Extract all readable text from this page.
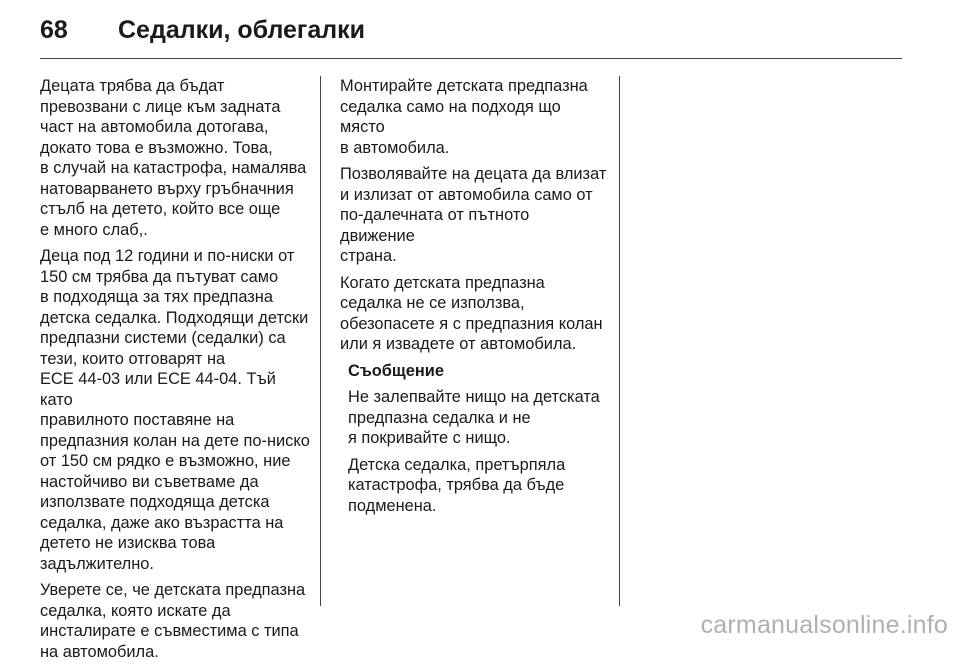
68 Седалки, облегалки

Децата трябва да бъдат
превозвани с лице към задната
част на автомобила дотогава,
докато това е възможно. Това,
в случай на катастрофа, намалява
натоварването върху гръбначния
стълб на детето, който все още
е много слаб,.

Деца под 12 години и по-ниски от
150 см трябва да пътуват само
в подходяща за тях предпазна
детска седалка. Подходящи детски
предпазни системи (седалки) са
тези, които отговарят на
ECE 44-03 или ECE 44-04. Тъй като
правилното поставяне на
предпазния колан на дете по-ниско
от 150 см рядко е възможно, ние
настойчиво ви съветваме да
използвате подходяща детска
седалка, даже ако възрастта на
детето не изисква това
задължително.

Уверете се, че детската предпазна
седалка, която искате да
инсталирате е съвместима с типа
на автомобила.

Монтирайте детската предпазна
седалка само на подходя що място
в автомобила.

Позволявайте на децата да влизат
и излизат от автомобила само от
по-далечната от пътното движение
страна.

Когато детската предпазна
седалка не се използва,
обезопасете я с предпазния колан
или я извадете от автомобила.

Съобщение

Не залепвайте нищо на детската
предпазна седалка и не
я покривайте с нищо.

Детска седалка, претърпяла
катастрофа, трябва да бъде
подменена.

carmanualsonline.info
